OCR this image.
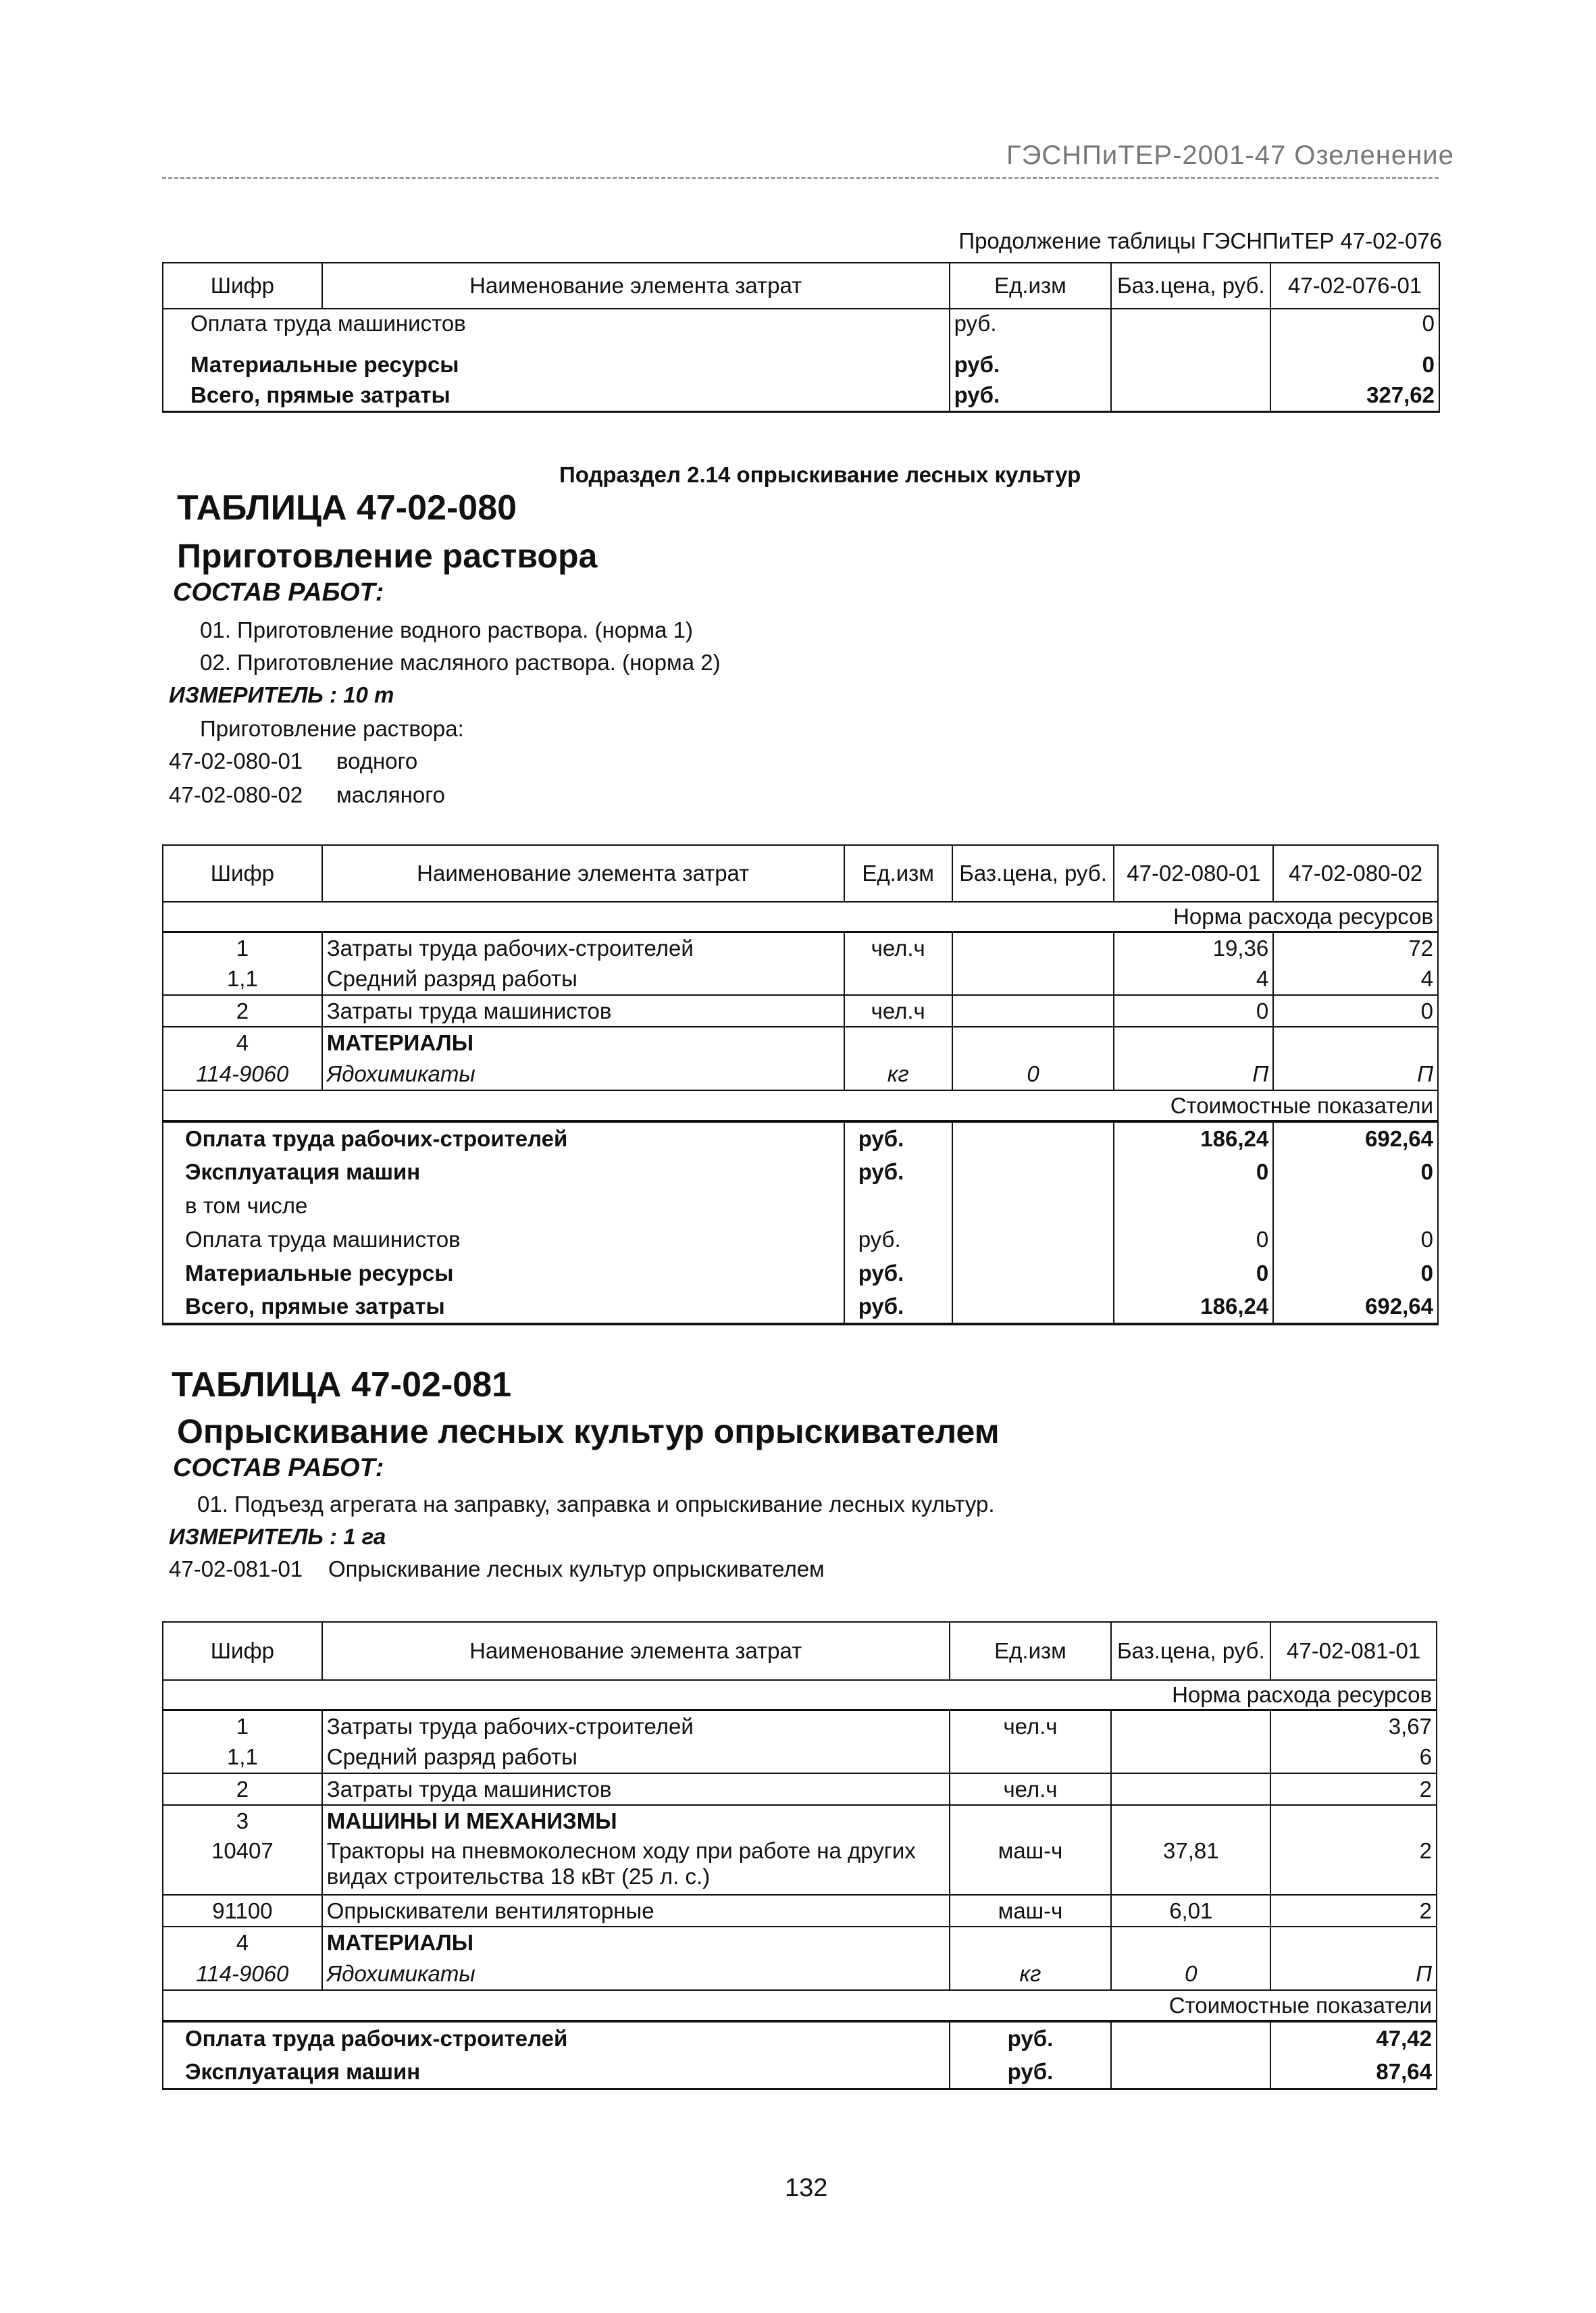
ГЭСНПиТЕР-2001-47 Озеленение
Продолжение таблицы ГЭСНПиТЕР 47-02-076
Шифр	Наименование элемента затрат	Ед.изм	Баз.цена, руб.	47-02-076-01
Оплата труда машинистов		руб.		0
Материальные ресурсы		руб.		0
Всего, прямые затраты		руб.		327,62
Подраздел 2.14 опрыскивание лесных культур
ТАБЛИЦА 47-02-080
Приготовление раствора
СОСТАВ РАБОТ:
01. Приготовление водного раствора. (норма 1)
02. Приготовление масляного раствора. (норма 2)
ИЗМЕРИТЕЛЬ : 10 т
Приготовление раствора:
47-02-080-01 водного
47-02-080-02 масляного
Шифр	Наименование элемента затрат	Ед.изм	Баз.цена, руб.	47-02-080-01	47-02-080-02
Норма расхода ресурсов					
1	Затраты труда рабочих-строителей	чел.ч		19,36	72
1,1	Средний разряд работы			4	4
2	Затраты труда машинистов	чел.ч		0	0
4	МАТЕРИАЛЫ				
114-9060	Ядохимикаты	кг	0	П	П
Стоимостные показатели					
Оплата труда рабочих-строителей		руб.		186,24	692,64
Эксплуатация машин		руб.		0	0
в том числе					
Оплата труда машинистов		руб.		0	0
Материальные ресурсы		руб.		0	0
Всего, прямые затраты		руб.		186,24	692,64
ТАБЛИЦА 47-02-081
Опрыскивание лесных культур опрыскивателем
СОСТАВ РАБОТ:
01. Подъезд агрегата на заправку, заправка и опрыскивание лесных культур.
ИЗМЕРИТЕЛЬ : 1 га
47-02-081-01 Опрыскивание лесных культур опрыскивателем
Шифр	Наименование элемента затрат	Ед.изм	Баз.цена, руб.	47-02-081-01
Норма расхода ресурсов				
1	Затраты труда рабочих-строителей	чел.ч		3,67
1,1	Средний разряд работы			6
2	Затраты труда машинистов	чел.ч		2
3	МАШИНЫ И МЕХАНИЗМЫ			
10407	Тракторы на пневмоколесном ходу при работе на других видах строительства 18 кВт (25 л. с.)	маш-ч	37,81	2
91100	Опрыскиватели вентиляторные	маш-ч	6,01	2
4	МАТЕРИАЛЫ			
114-9060	Ядохимикаты	кг	0	П
Стоимостные показатели				
Оплата труда рабочих-строителей		руб.		47,42
Эксплуатация машин		руб.		87,64
132
